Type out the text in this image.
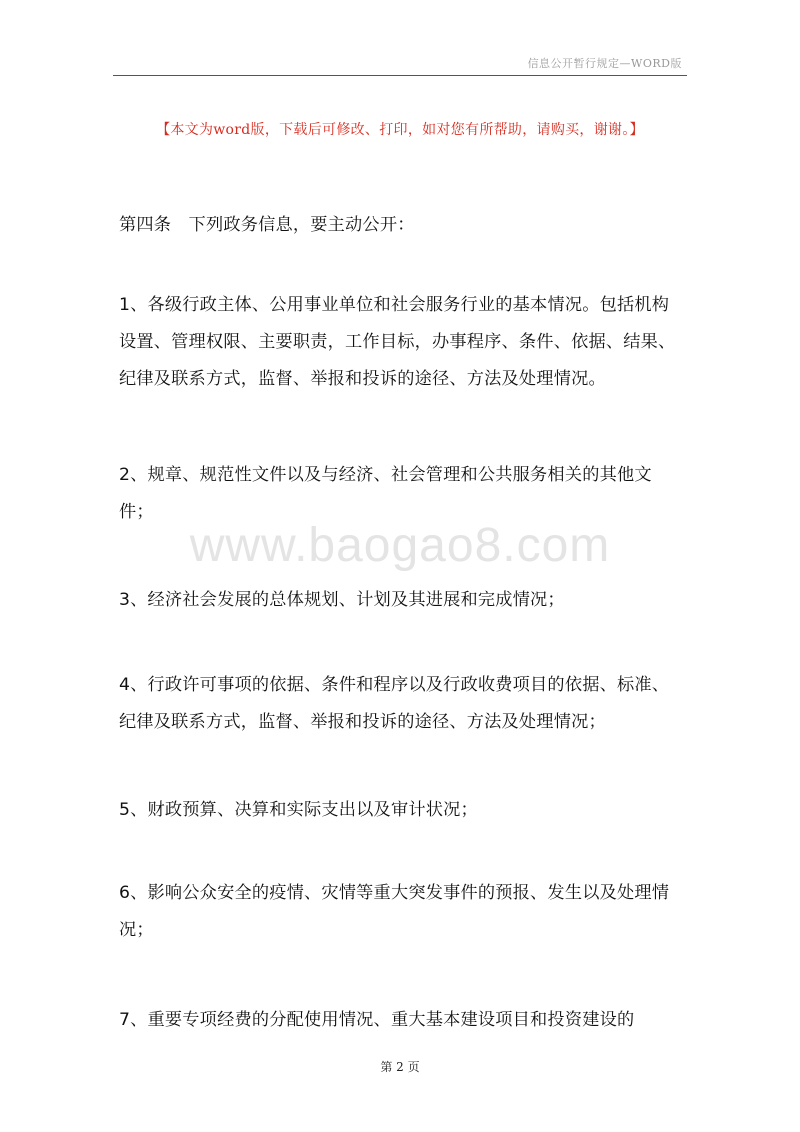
信息公开暂行规定—WORD版
【本文为word版，下载后可修改、打印，如对您有所帮助，请购买，谢谢。】

第四条　下列政务信息，要主动公开：

1、各级行政主体、公用事业单位和社会服务行业的基本情况。包括机构设置、管理权限、主要职责，工作目标，办事程序、条件、依据、结果、纪律及联系方式，监督、举报和投诉的途径、方法及处理情况。

2、规章、规范性文件以及与经济、社会管理和公共服务相关的其他文件；

www.baogao8.com

3、经济社会发展的总体规划、计划及其进展和完成情况；

4、行政许可事项的依据、条件和程序以及行政收费项目的依据、标准、纪律及联系方式，监督、举报和投诉的途径、方法及处理情况；

5、财政预算、决算和实际支出以及审计状况；

6、影响公众安全的疫情、灾情等重大突发事件的预报、发生以及处理情况；

7、重要专项经费的分配使用情况、重大基本建设项目和投资建设的

第 2 页
